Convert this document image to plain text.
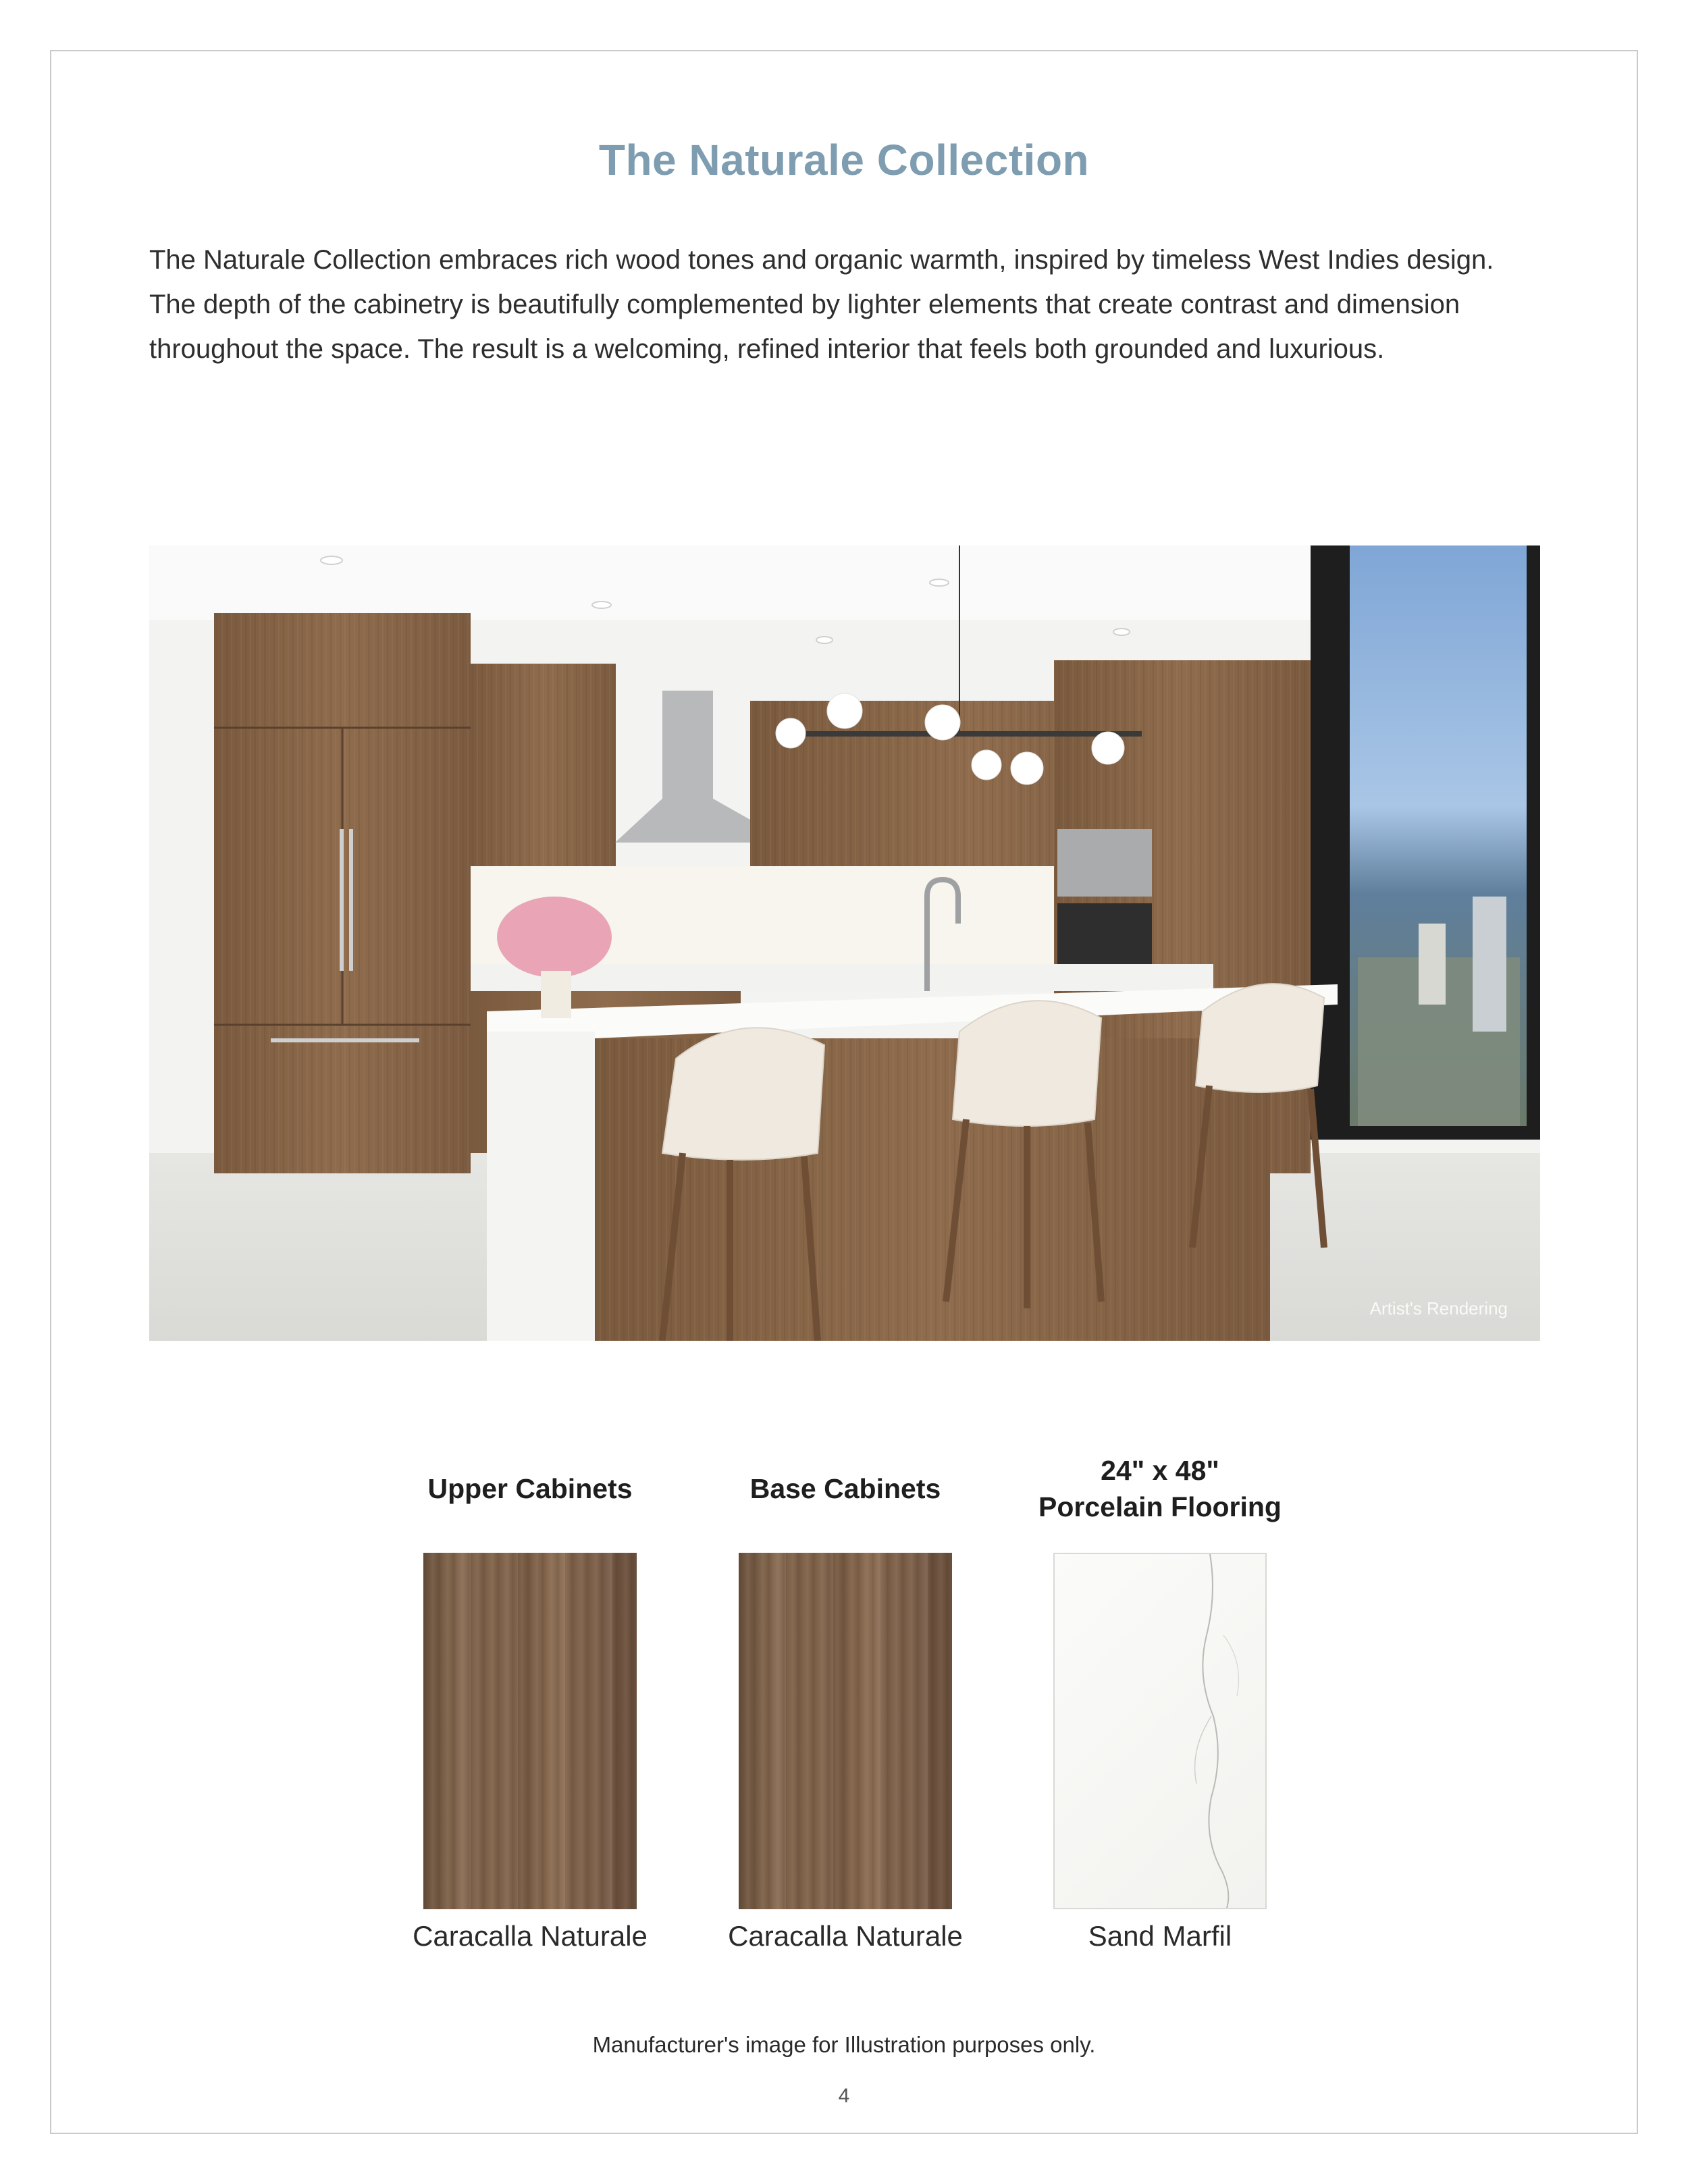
The Naturale Collection

The Naturale Collection embraces rich wood tones and organic warmth, inspired by timeless West Indies design.
The depth of the cabinetry is beautifully complemented by lighter elements that create contrast and dimension
throughout the space. The result is a welcoming, refined interior that feels both grounded and luxurious.

Artist's Rendering
Upper Cabinets
Caracalla Naturale
Base Cabinets
Caracalla Naturale
24" x 48"
Porcelain Flooring
Sand Marfil
Manufacturer's image for Illustration purposes only.
4
